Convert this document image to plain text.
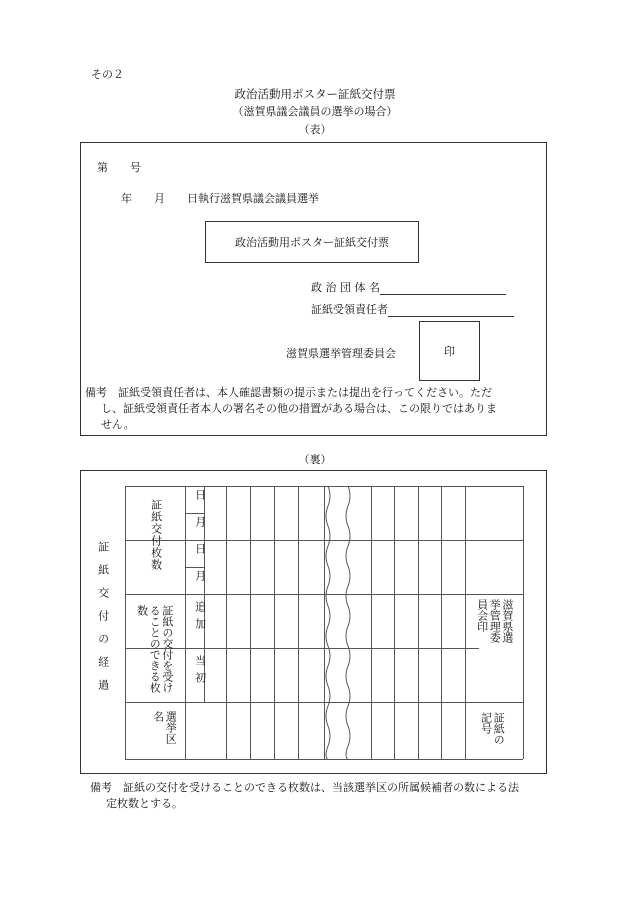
その２
政治活動用ポスター証紙交付票
（滋賀県議会議員の選挙の場合）
（表）
第　　号
年　　月　　日執行滋賀県議会議員選挙
政治活動用ポスター証紙交付票
政 治 団 体 名
証紙受領責任者
滋賀県選挙管理委員会	印
備考　 証紙受領責任者は、本人確認書類の提示または提出を行ってください。ただ
し、証紙受領責任者本人の署名その他の措置がある場合は、この限りではありま
せん。
（裏）
証紙交付の経過
証紙交付枚数
日
月
日
月
証紙の交付を受けることのできる枚数	追加
当初
選挙区名
滋賀県選挙管理委員会印
証紙の記号
備考　 証紙の交付を受けることのできる枚数は、当該選挙区の所属候補者の数による法
定枚数とする。
